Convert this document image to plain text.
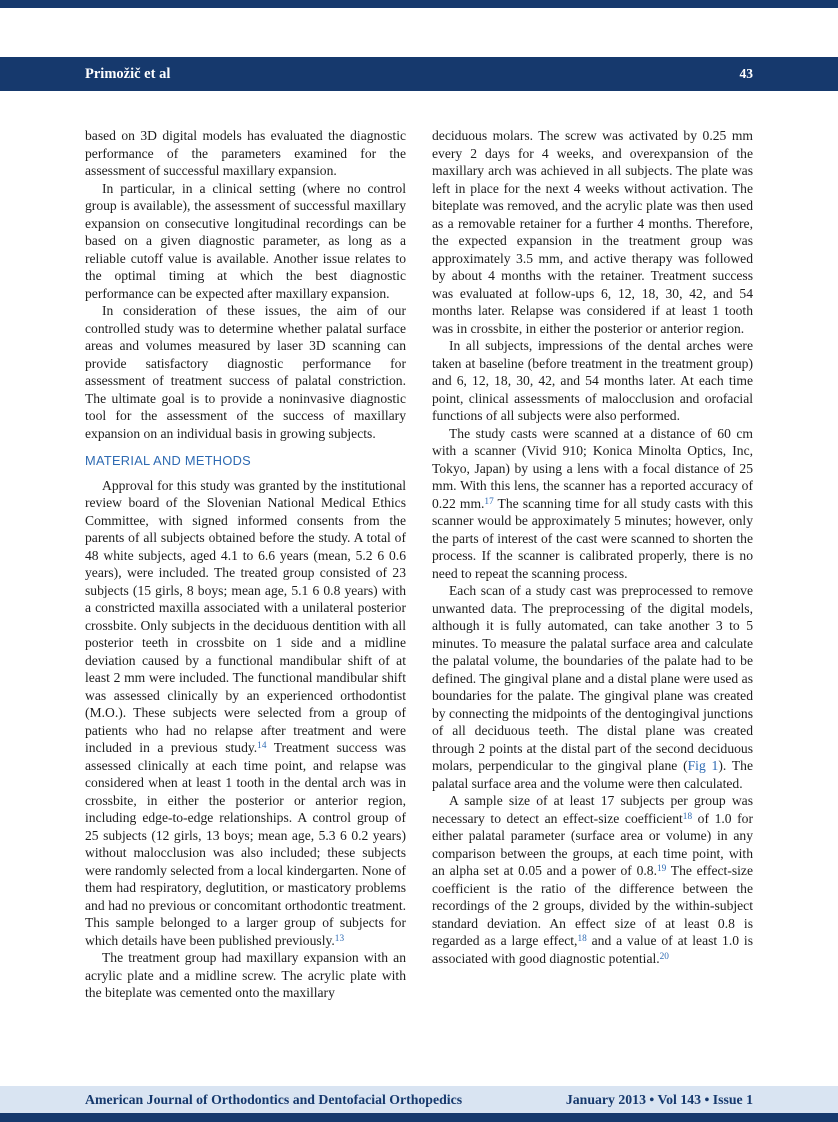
Primožič et al	43

based on 3D digital models has evaluated the diagnostic performance of the parameters examined for the assessment of successful maxillary expansion.

In particular, in a clinical setting (where no control group is available), the assessment of successful maxillary expansion on consecutive longitudinal recordings can be based on a given diagnostic parameter, as long as a reliable cutoff value is available. Another issue relates to the optimal timing at which the best diagnostic performance can be expected after maxillary expansion.

In consideration of these issues, the aim of our controlled study was to determine whether palatal surface areas and volumes measured by laser 3D scanning can provide satisfactory diagnostic performance for assessment of treatment success of palatal constriction. The ultimate goal is to provide a noninvasive diagnostic tool for the assessment of the success of maxillary expansion on an individual basis in growing subjects.

MATERIAL AND METHODS

Approval for this study was granted by the institutional review board of the Slovenian National Medical Ethics Committee, with signed informed consents from the parents of all subjects obtained before the study. A total of 48 white subjects, aged 4.1 to 6.6 years (mean, 5.2 6 0.6 years), were included. The treated group consisted of 23 subjects (15 girls, 8 boys; mean age, 5.1 6 0.8 years) with a constricted maxilla associated with a unilateral posterior crossbite. Only subjects in the deciduous dentition with all posterior teeth in crossbite on 1 side and a midline deviation caused by a functional mandibular shift of at least 2 mm were included. The functional mandibular shift was assessed clinically by an experienced orthodontist (M.O.). These subjects were selected from a group of patients who had no relapse after treatment and were included in a previous study.$^{14}$ Treatment success was assessed clinically at each time point, and relapse was considered when at least 1 tooth in the dental arch was in crossbite, in either the posterior or anterior region, including edge-to-edge relationships. A control group of 25 subjects (12 girls, 13 boys; mean age, 5.3 6 0.2 years) without malocclusion was also included; these subjects were randomly selected from a local kindergarten. None of them had respiratory, deglutition, or masticatory problems and had no previous or concomitant orthodontic treatment. This sample belonged to a larger group of subjects for which details have been published previously.$^{13}$

The treatment group had maxillary expansion with an acrylic plate and a midline screw. The acrylic plate with the biteplate was cemented onto the maxillary

deciduous molars. The screw was activated by 0.25 mm every 2 days for 4 weeks, and overexpansion of the maxillary arch was achieved in all subjects. The plate was left in place for the next 4 weeks without activation. The biteplate was removed, and the acrylic plate was then used as a removable retainer for a further 4 months. Therefore, the expected expansion in the treatment group was approximately 3.5 mm, and active therapy was followed by about 4 months with the retainer. Treatment success was evaluated at follow-ups 6, 12, 18, 30, 42, and 54 months later. Relapse was considered if at least 1 tooth was in crossbite, in either the posterior or anterior region.

In all subjects, impressions of the dental arches were taken at baseline (before treatment in the treatment group) and 6, 12, 18, 30, 42, and 54 months later. At each time point, clinical assessments of malocclusion and orofacial functions of all subjects were also performed.

The study casts were scanned at a distance of 60 cm with a scanner (Vivid 910; Konica Minolta Optics, Inc, Tokyo, Japan) by using a lens with a focal distance of 25 mm. With this lens, the scanner has a reported accuracy of 0.22 mm.$^{17}$ The scanning time for all study casts with this scanner would be approximately 5 minutes; however, only the parts of interest of the cast were scanned to shorten the process. If the scanner is calibrated properly, there is no need to repeat the scanning process.

Each scan of a study cast was preprocessed to remove unwanted data. The preprocessing of the digital models, although it is fully automated, can take another 3 to 5 minutes. To measure the palatal surface area and calculate the palatal volume, the boundaries of the palate had to be defined. The gingival plane and a distal plane were used as boundaries for the palate. The gingival plane was created by connecting the midpoints of the dentogingival junctions of all deciduous teeth. The distal plane was created through 2 points at the distal part of the second deciduous molars, perpendicular to the gingival plane (Fig 1). The palatal surface area and the volume were then calculated.

A sample size of at least 17 subjects per group was necessary to detect an effect-size coefficient$^{18}$ of 1.0 for either palatal parameter (surface area or volume) in any comparison between the groups, at each time point, with an alpha set at 0.05 and a power of 0.8.19 The effect-size coefficient is the ratio of the difference between the recordings of the 2 groups, divided by the within-subject standard deviation. An effect size of at least 0.8 is regarded as a large effect,$^{18}$ and a value of at least 1.0 is associated with good diagnostic potential.$^{20}$

American Journal of Orthodontics and Dentofacial Orthopedics	January 2013 • Vol 143 • Issue 1
